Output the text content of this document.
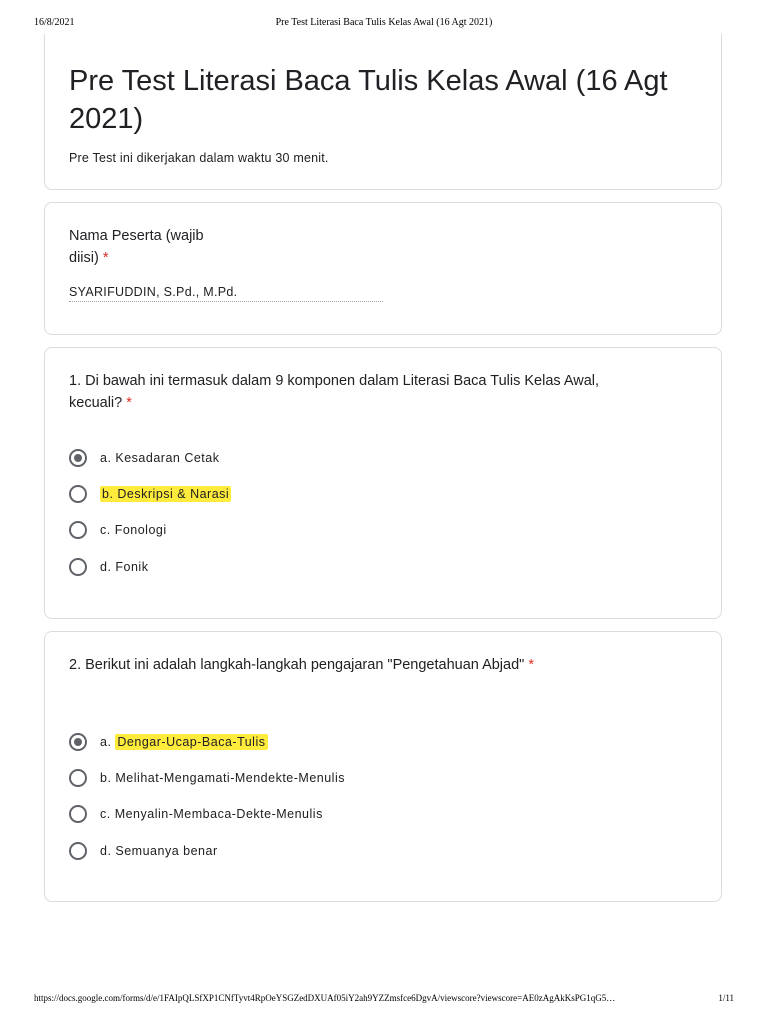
16/8/2021	Pre Test Literasi Baca Tulis Kelas Awal (16 Agt 2021)
Pre Test Literasi Baca Tulis Kelas Awal (16 Agt 2021)
Pre Test ini dikerjakan dalam waktu 30 menit.
Nama Peserta (wajib diisi) *
SYARIFUDDIN, S.Pd., M.Pd.
1. Di bawah ini termasuk dalam 9 komponen dalam Literasi Baca Tulis Kelas Awal, kecuali? *
a. Kesadaran Cetak
b. Deskripsi & Narasi
c. Fonologi
d. Fonik
2. Berikut ini adalah langkah-langkah pengajaran "Pengetahuan Abjad" *
a. Dengar-Ucap-Baca-Tulis
b. Melihat-Mengamati-Mendekte-Menulis
c. Menyalin-Membaca-Dekte-Menulis
d. Semuanya benar
https://docs.google.com/forms/d/e/1FAIpQLSfXP1CNfTyvt4RpOeYSGZedDXUAf05iY2ah9YZZmsfce6DgvA/viewscore?viewscore=AE0zAgAkKsPG1qG5…	1/11
